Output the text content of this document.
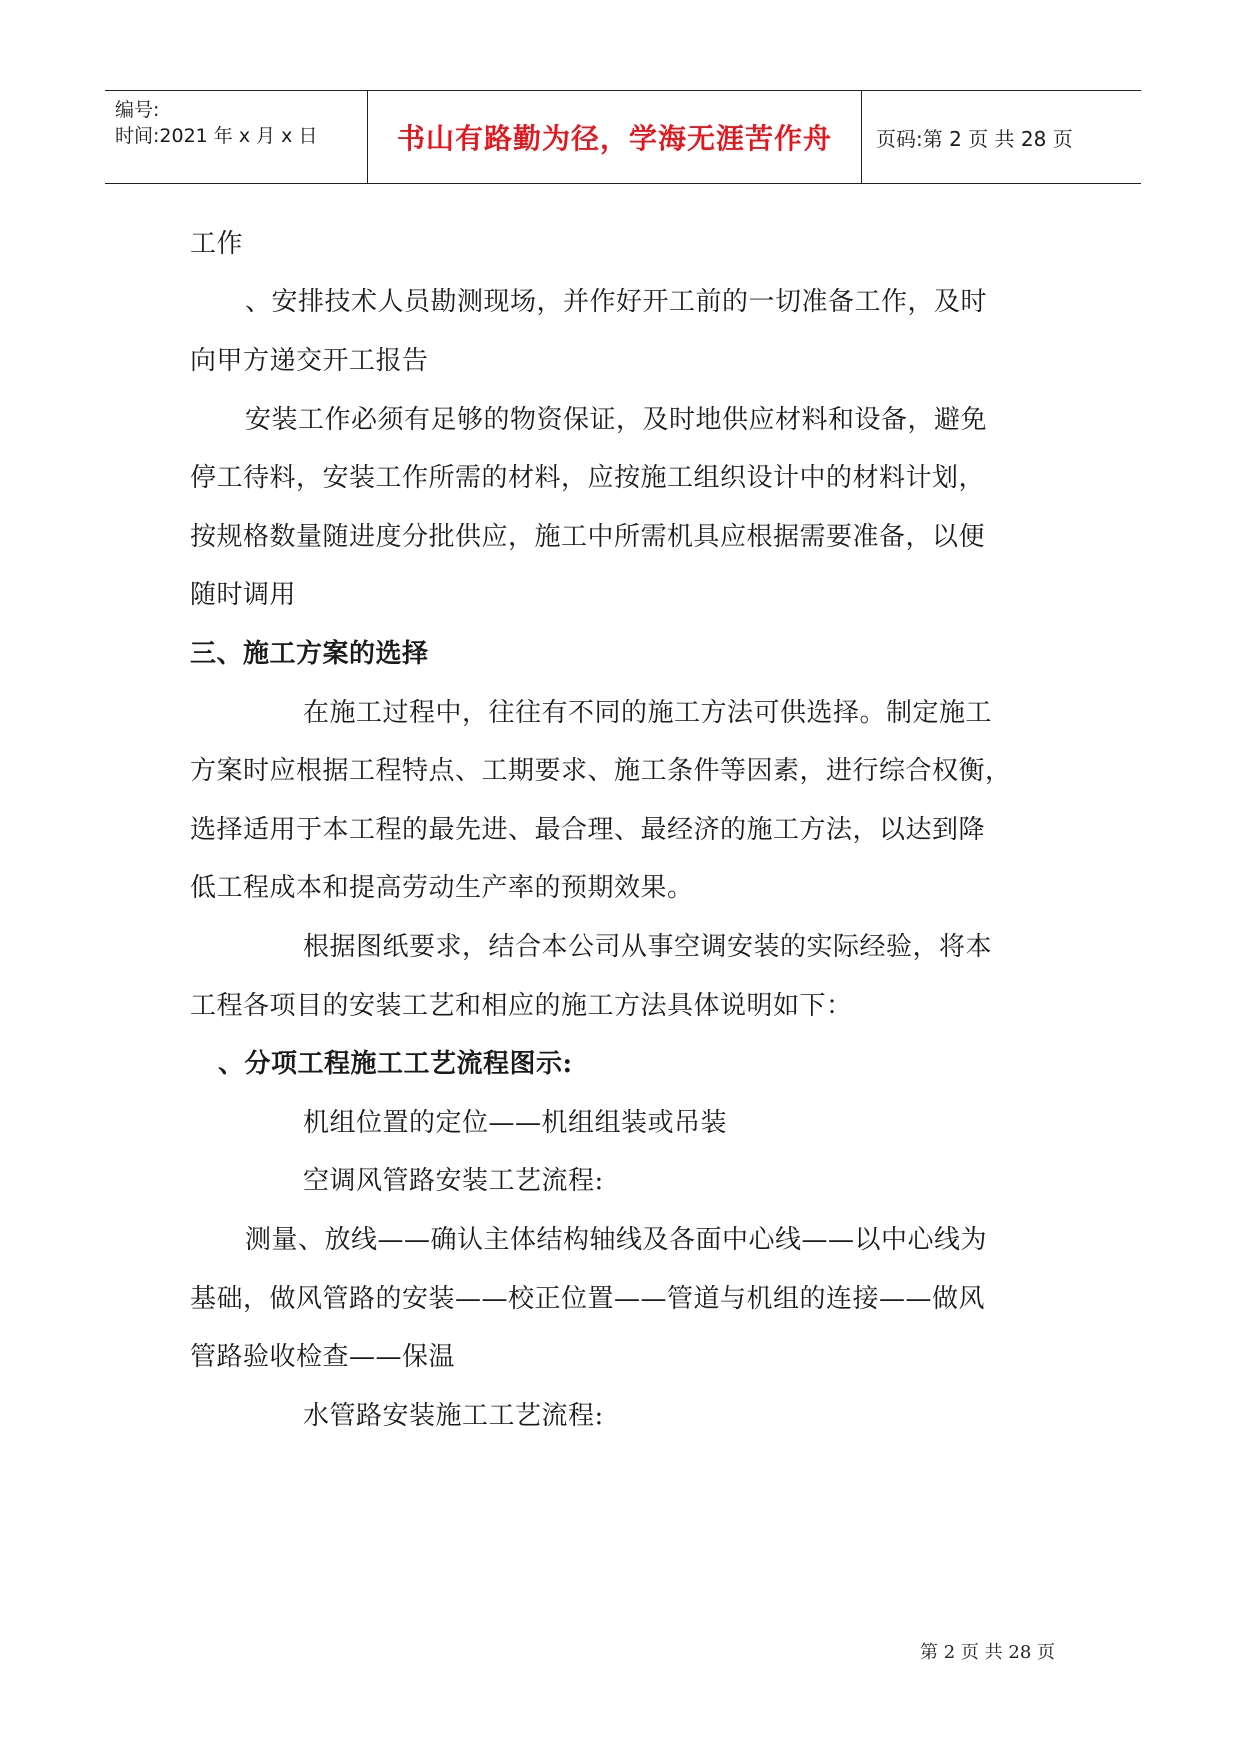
编号:
时间:2021 年 x 月 x 日	书山有路勤为径，学海无涯苦作舟 页码:第 2 页 共 28 页
工作
、安排技术人员勘测现场，并作好开工前的一切准备工作，及时
向甲方递交开工报告
安装工作必须有足够的物资保证，及时地供应材料和设备，避免
停工待料，安装工作所需的材料，应按施工组织设计中的材料计划，
按规格数量随进度分批供应，施工中所需机具应根据需要准备，以便
随时调用
三、施工方案的选择
在施工过程中，往往有不同的施工方法可供选择。制定施工
方案时应根据工程特点、工期要求、施工条件等因素，进行综合权衡，
选择适用于本工程的最先进、最合理、最经济的施工方法，以达到降
低工程成本和提高劳动生产率的预期效果。
根据图纸要求，结合本公司从事空调安装的实际经验，将本
工程各项目的安装工艺和相应的施工方法具体说明如下：
、分项工程施工工艺流程图示:
机组位置的定位——机组组装或吊装
空调风管路安装工艺流程:
测量、放线——确认主体结构轴线及各面中心线——以中心线为
基础，做风管路的安装——校正位置——管道与机组的连接——做风
管路验收检查——保温
水管路安装施工工艺流程:
第 2 页 共 28 页
